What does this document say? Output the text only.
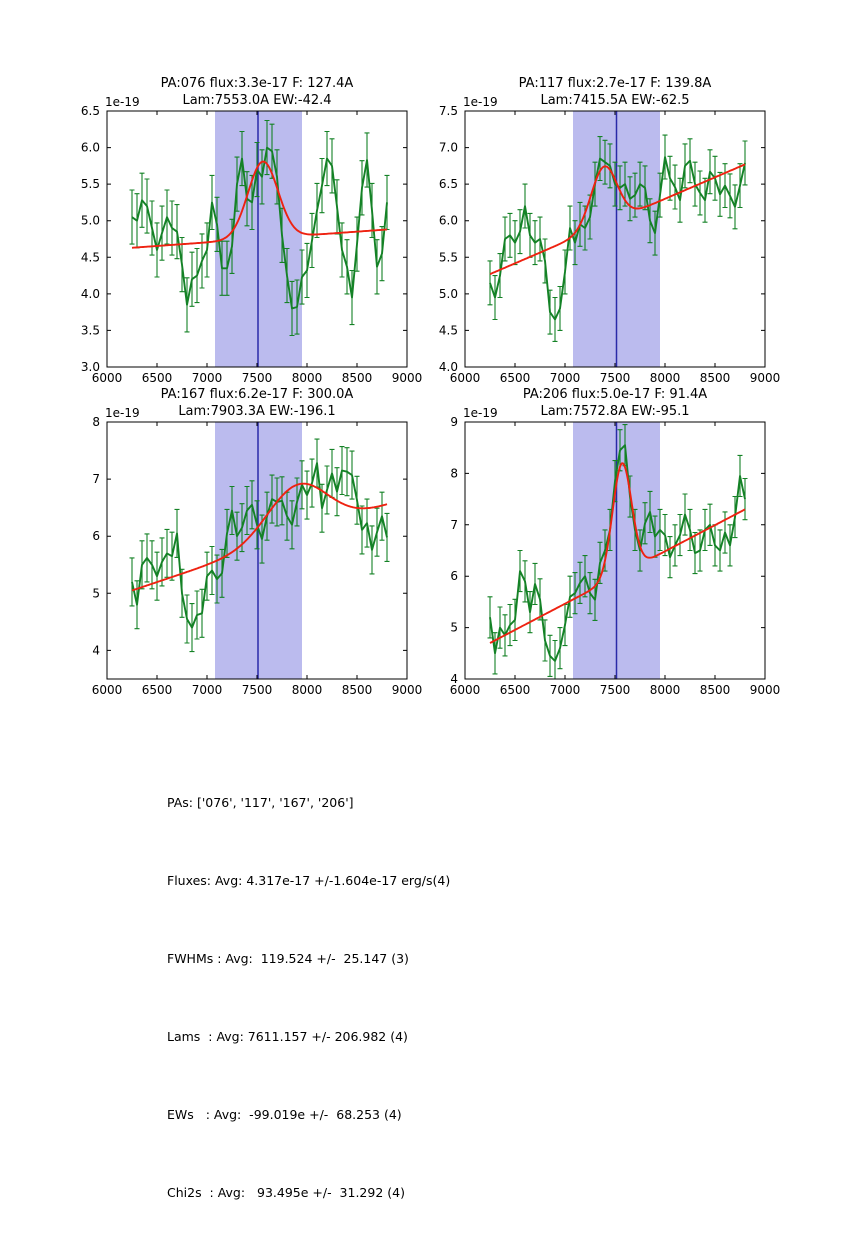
6000 6500 7000 7500 8000 8500 9000
3.0
3.5
4.0
4.5
5.0
5.5
6.0
6.5
1e-19
PA:076 flux:3.3e-17 F: 127.4A
Lam:7553.0A EW:-42.4
6000 6500 7000 7500 8000 8500 9000
4.0
4.5
5.0
5.5
6.0
6.5
7.0
7.5
1e-19
PA:117 flux:2.7e-17 F: 139.8A
Lam:7415.5A EW:-62.5
6000 6500 7000 7500 8000 8500 9000
4
5
6
7
8
1e-19
PA:167 flux:6.2e-17 F: 300.0A
Lam:7903.3A EW:-196.1
6000 6500 7000 7500 8000 8500 9000
4
5
6
7
8
9
1e-19
PA:206 flux:5.0e-17 F: 91.4A
Lam:7572.8A EW:-95.1

PAs: ['076', '117', '167', '206']

Fluxes: Avg: 4.317e-17 +/-1.604e-17 erg/s(4)

FWHMs : Avg:  119.524 +/-  25.147 (3)

Lams  : Avg: 7611.157 +/- 206.982 (4)

EWs   : Avg:  -99.019e +/-  68.253 (4)

Chi2s  : Avg:   93.495e +/-  31.292 (4)
